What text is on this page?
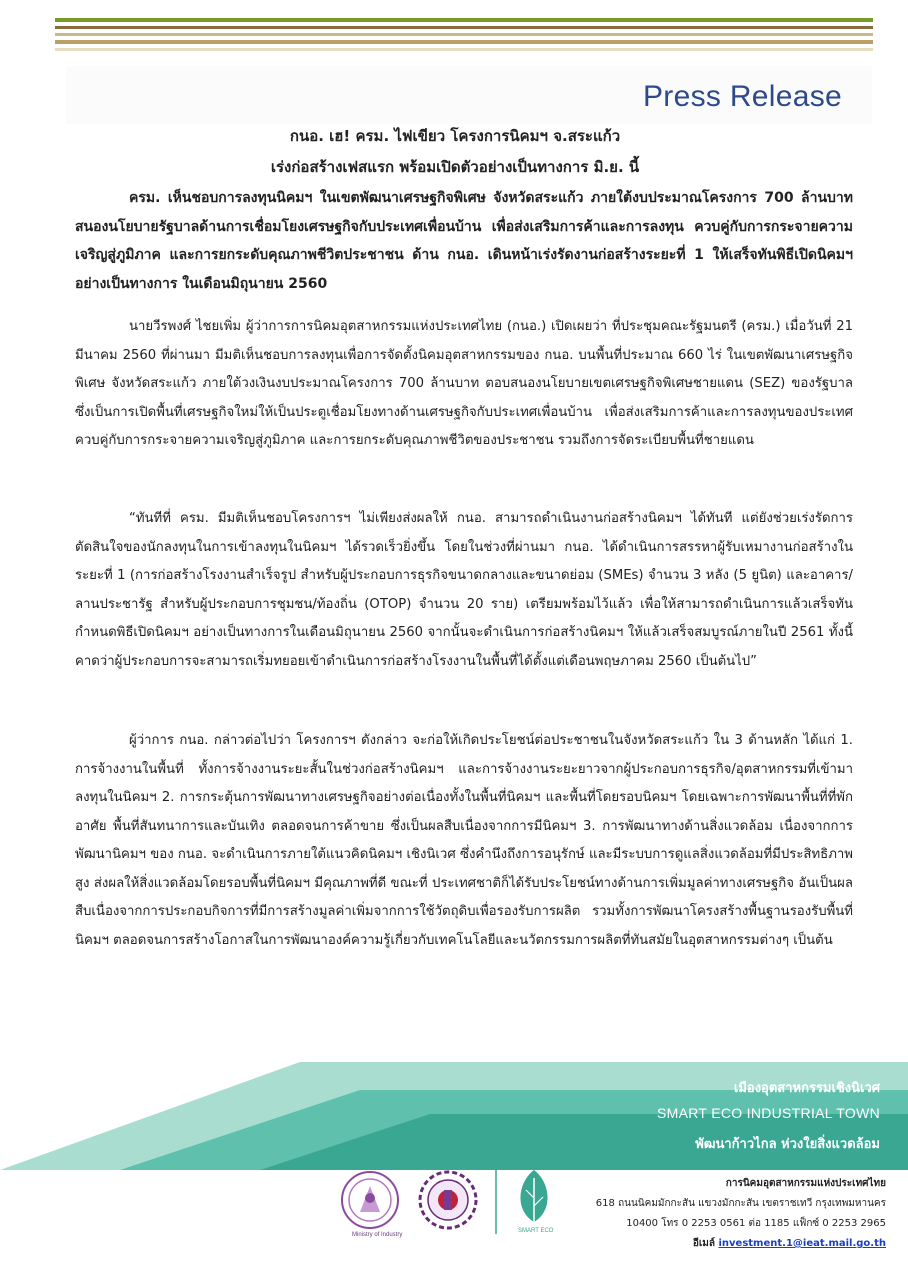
Press Release
กนอ. เฮ! ครม. ไฟเขียว โครงการนิคมฯ จ.สระแก้ว
เร่งก่อสร้างเฟสแรก พร้อมเปิดตัวอย่างเป็นทางการ มิ.ย. นี้
ครม. เห็นชอบการลงทุนนิคมฯ ในเขตพัฒนาเศรษฐกิจพิเศษ จังหวัดสระแก้ว ภายใต้งบประมาณโครงการ 700 ล้านบาท สนองนโยบายรัฐบาลด้านการเชื่อมโยงเศรษฐกิจกับประเทศเพื่อนบ้าน เพื่อส่งเสริมการค้าและการลงทุน ควบคู่กับการกระจายความเจริญสู่ภูมิภาค และการยกระดับคุณภาพชีวิตประชาชน ด้าน กนอ. เดินหน้าเร่งรัดงานก่อสร้างระยะที่ 1 ให้เสร็จทันพิธีเปิดนิคมฯ อย่างเป็นทางการ ในเดือนมิถุนายน 2560
นายวีรพงศ์ ไชยเพิ่ม ผู้ว่าการการนิคมอุตสาหกรรมแห่งประเทศไทย (กนอ.) เปิดเผยว่า ที่ประชุมคณะรัฐมนตรี (ครม.) เมื่อวันที่ 21 มีนาคม 2560 ที่ผ่านมา มีมติเห็นชอบการลงทุนเพื่อการจัดตั้งนิคมอุตสาหกรรมของ กนอ. บนพื้นที่ประมาณ 660 ไร่ ในเขตพัฒนาเศรษฐกิจพิเศษ จังหวัดสระแก้ว ภายใต้วงเงินงบประมาณโครงการ 700 ล้านบาท ตอบสนองนโยบายเขตเศรษฐกิจพิเศษชายแดน (SEZ) ของรัฐบาล ซึ่งเป็นการเปิดพื้นที่เศรษฐกิจใหม่ให้เป็นประตูเชื่อมโยงทางด้านเศรษฐกิจกับประเทศเพื่อนบ้าน เพื่อส่งเสริมการค้าและการลงทุนของประเทศ ควบคู่กับการกระจายความเจริญสู่ภูมิภาค และการยกระดับคุณภาพชีวิตของประชาชน รวมถึงการจัดระเบียบพื้นที่ชายแดน
“ทันทีที่ ครม. มีมติเห็นชอบโครงการฯ ไม่เพียงส่งผลให้ กนอ. สามารถดำเนินงานก่อสร้างนิคมฯ ได้ทันที แต่ยังช่วยเร่งรัดการตัดสินใจของนักลงทุนในการเข้าลงทุนในนิคมฯ ได้รวดเร็วยิ่งขึ้น โดยในช่วงที่ผ่านมา กนอ. ได้ดำเนินการสรรหาผู้รับเหมางานก่อสร้างในระยะที่ 1 (การก่อสร้างโรงงานสำเร็จรูป สำหรับผู้ประกอบการธุรกิจขนาดกลางและขนาดย่อม (SMEs) จำนวน 3 หลัง (5 ยูนิต) และอาคาร/ลานประชารัฐ สำหรับผู้ประกอบการชุมชน/ท้องถิ่น (OTOP) จำนวน 20 ราย) เตรียมพร้อมไว้แล้ว เพื่อให้สามารถดำเนินการแล้วเสร็จทันกำหนดพิธีเปิดนิคมฯ อย่างเป็นทางการในเดือนมิถุนายน 2560 จากนั้นจะดำเนินการก่อสร้างนิคมฯ ให้แล้วเสร็จสมบูรณ์ภายในปี 2561 ทั้งนี้ คาดว่าผู้ประกอบการจะสามารถเริ่มทยอยเข้าดำเนินการก่อสร้างโรงงานในพื้นที่ได้ตั้งแต่เดือนพฤษภาคม 2560 เป็นต้นไป”
ผู้ว่าการ กนอ. กล่าวต่อไปว่า โครงการฯ ดังกล่าว จะก่อให้เกิดประโยชน์ต่อประชาชนในจังหวัดสระแก้ว ใน 3 ด้านหลัก ได้แก่ 1. การจ้างงานในพื้นที่ ทั้งการจ้างงานระยะสั้นในช่วงก่อสร้างนิคมฯ และการจ้างงานระยะยาวจากผู้ประกอบการธุรกิจ/อุตสาหกรรมที่เข้ามาลงทุนในนิคมฯ 2. การกระตุ้นการพัฒนาทางเศรษฐกิจอย่างต่อเนื่องทั้งในพื้นที่นิคมฯ และพื้นที่โดยรอบนิคมฯ โดยเฉพาะการพัฒนาพื้นที่ที่พักอาศัย พื้นที่สันทนาการและบันเทิง ตลอดจนการค้าขาย ซึ่งเป็นผลสืบเนื่องจากการมีนิคมฯ 3. การพัฒนาทางด้านสิ่งแวดล้อม เนื่องจากการพัฒนานิคมฯ ของ กนอ. จะดำเนินการภายใต้แนวคิดนิคมฯ เชิงนิเวศ ซึ่งคำนึงถึงการอนุรักษ์ และมีระบบการดูแลสิ่งแวดล้อมที่มีประสิทธิภาพสูง ส่งผลให้สิ่งแวดล้อมโดยรอบพื้นที่นิคมฯ มีคุณภาพที่ดี ขณะที่ ประเทศชาติก็ได้รับประโยชน์ทางด้านการเพิ่มมูลค่าทางเศรษฐกิจ อันเป็นผลสืบเนื่องจากการประกอบกิจการที่มีการสร้างมูลค่าเพิ่มจากการใช้วัตถุดิบเพื่อรองรับการผลิต รวมทั้งการพัฒนาโครงสร้างพื้นฐานรองรับพื้นที่นิคมฯ ตลอดจนการสร้างโอกาสในการพัฒนาองค์ความรู้เกี่ยวกับเทคโนโลยีและนวัตกรรมการผลิตที่ทันสมัยในอุตสาหกรรมต่างๆ เป็นต้น
เมืองอุตสาหกรรมเชิงนิเวศ
SMART ECO INDUSTRIAL TOWN
พัฒนาก้าวไกล ห่วงใยสิ่งแวดล้อม
Ministry of Industry
SMART ECO
การนิคมอุตสาหกรรมแห่งประเทศไทย
618 ถนนนิคมมักกะสัน แขวงมักกะสัน เขตราชเทวี กรุงเทพมหานคร
10400 โทร 0 2253 0561 ต่อ 1185 แฟ็กซ์ 0 2253 2965
อีเมล์ investment.1@ieat.mail.go.th
